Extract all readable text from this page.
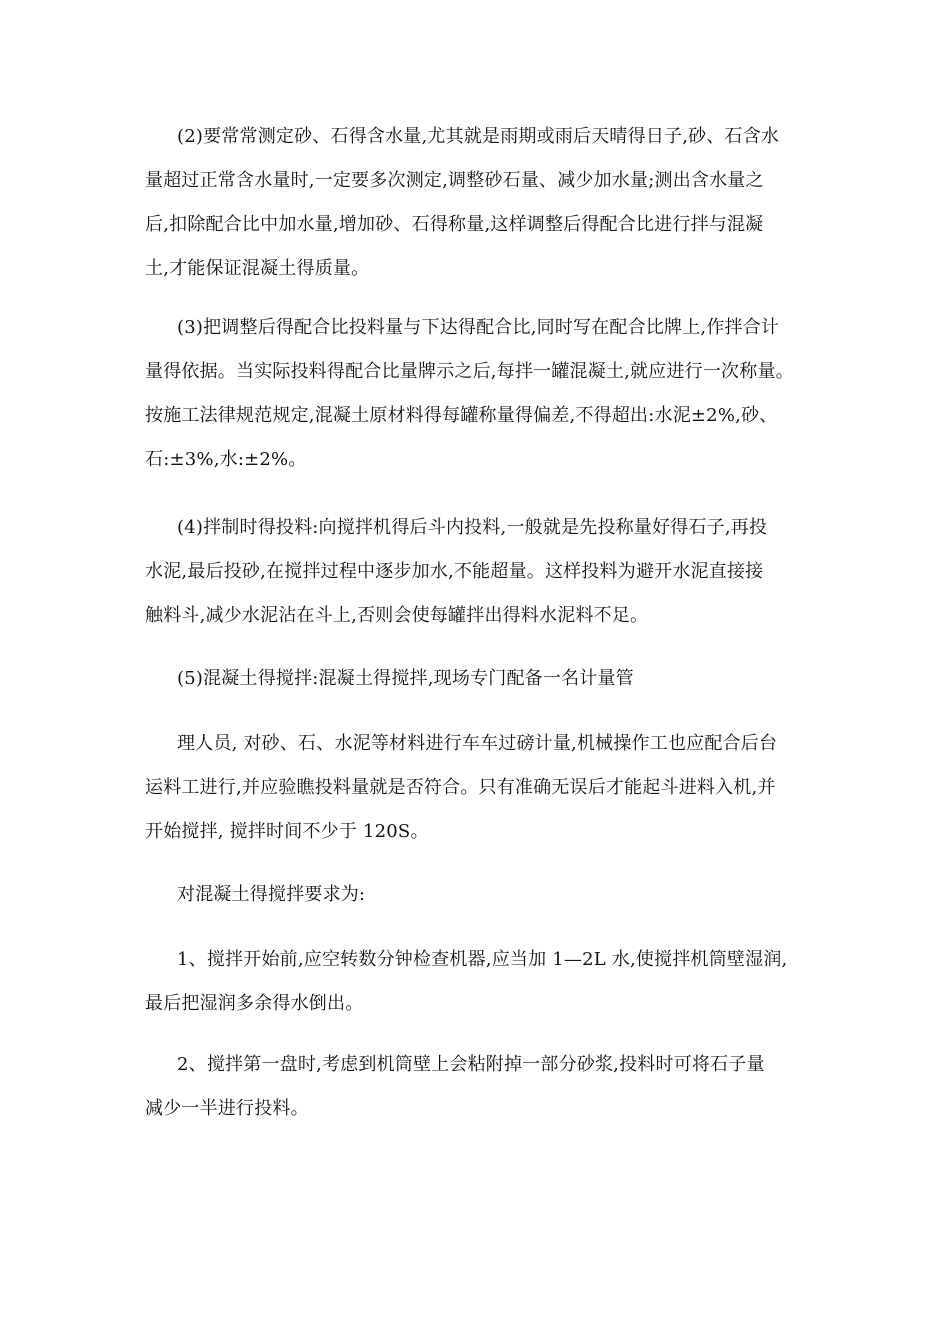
(2)要常常测定砂、石得含水量,尤其就是雨期或雨后天晴得日子,砂、石含水
量超过正常含水量时,一定要多次测定,调整砂石量、减少加水量;测出含水量之
后,扣除配合比中加水量,增加砂、石得称量,这样调整后得配合比进行拌与混凝
土,才能保证混凝土得质量。
(3)把调整后得配合比投料量与下达得配合比,同时写在配合比牌上,作拌合计
量得依据。当实际投料得配合比量牌示之后,每拌一罐混凝土,就应进行一次称量。
按施工法律规范规定,混凝土原材料得每罐称量得偏差,不得超出:水泥±2%,砂、
石:±3%,水:±2%。
(4)拌制时得投料:向搅拌机得后斗内投料,一般就是先投称量好得石子,再投
水泥,最后投砂,在搅拌过程中逐步加水,不能超量。这样投料为避开水泥直接接
触料斗,减少水泥沾在斗上,否则会使每罐拌出得料水泥料不足。
(5)混凝土得搅拌:混凝土得搅拌,现场专门配备一名计量管
理人员, 对砂、石、水泥等材料进行车车过磅计量,机械操作工也应配合后台
运料工进行,并应验瞧投料量就是否符合。只有准确无误后才能起斗进料入机,并
开始搅拌, 搅拌时间不少于 120S。
对混凝土得搅拌要求为:
1、搅拌开始前,应空转数分钟检查机器,应当加 1—2L 水,使搅拌机筒壁湿润,
最后把湿润多余得水倒出。
2、搅拌第一盘时,考虑到机筒壁上会粘附掉一部分砂浆,投料时可将石子量
减少一半进行投料。
